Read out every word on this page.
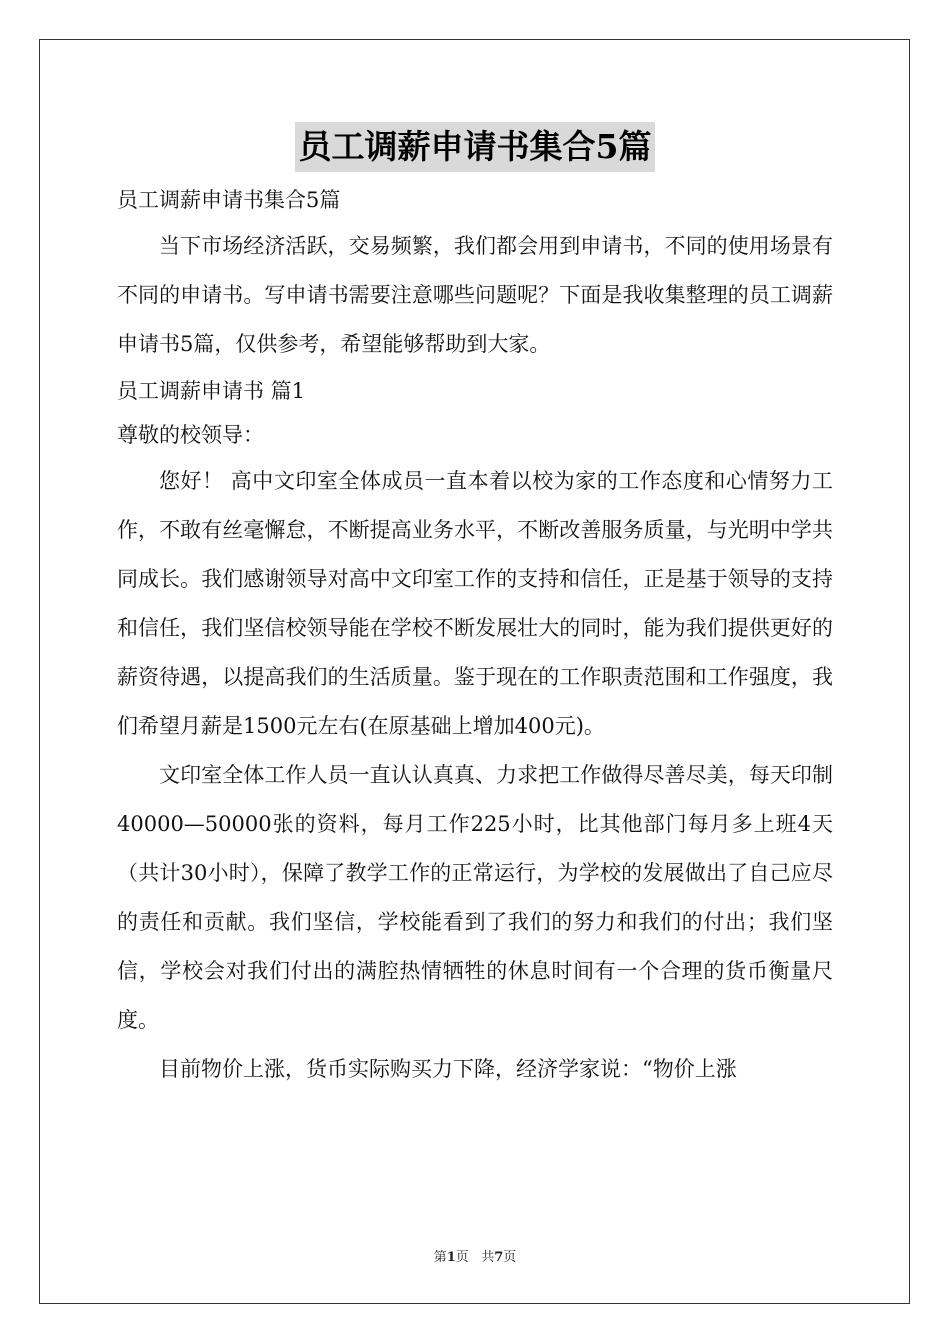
员工调薪申请书集合5篇

员工调薪申请书集合5篇

当下市场经济活跃，交易频繁，我们都会用到申请书，不同的使用场景有不同的申请书。写申请书需要注意哪些问题呢？下面是我收集整理的员工调薪申请书5篇，仅供参考，希望能够帮助到大家。

员工调薪申请书 篇1

尊敬的校领导：

您好！ 高中文印室全体成员一直本着以校为家的工作态度和心情努力工作，不敢有丝毫懈怠，不断提高业务水平，不断改善服务质量，与光明中学共同成长。我们感谢领导对高中文印室工作的支持和信任，正是基于领导的支持和信任，我们坚信校领导能在学校不断发展壮大的同时，能为我们提供更好的薪资待遇，以提高我们的生活质量。鉴于现在的工作职责范围和工作强度，我们希望月薪是1500元左右(在原基础上增加400元)。

文印室全体工作人员一直认认真真、力求把工作做得尽善尽美，每天印制40000—50000张的资料，每月工作225小时，比其他部门每月多上班4天（共计30小时），保障了教学工作的正常运行，为学校的发展做出了自己应尽的责任和贡献。我们坚信，学校能看到了我们的努力和我们的付出；我们坚信，学校会对我们付出的满腔热情牺牲的休息时间有一个合理的货币衡量尺度。

目前物价上涨，货币实际购买力下降，经济学家说：“物价上涨

第1页   共7页
